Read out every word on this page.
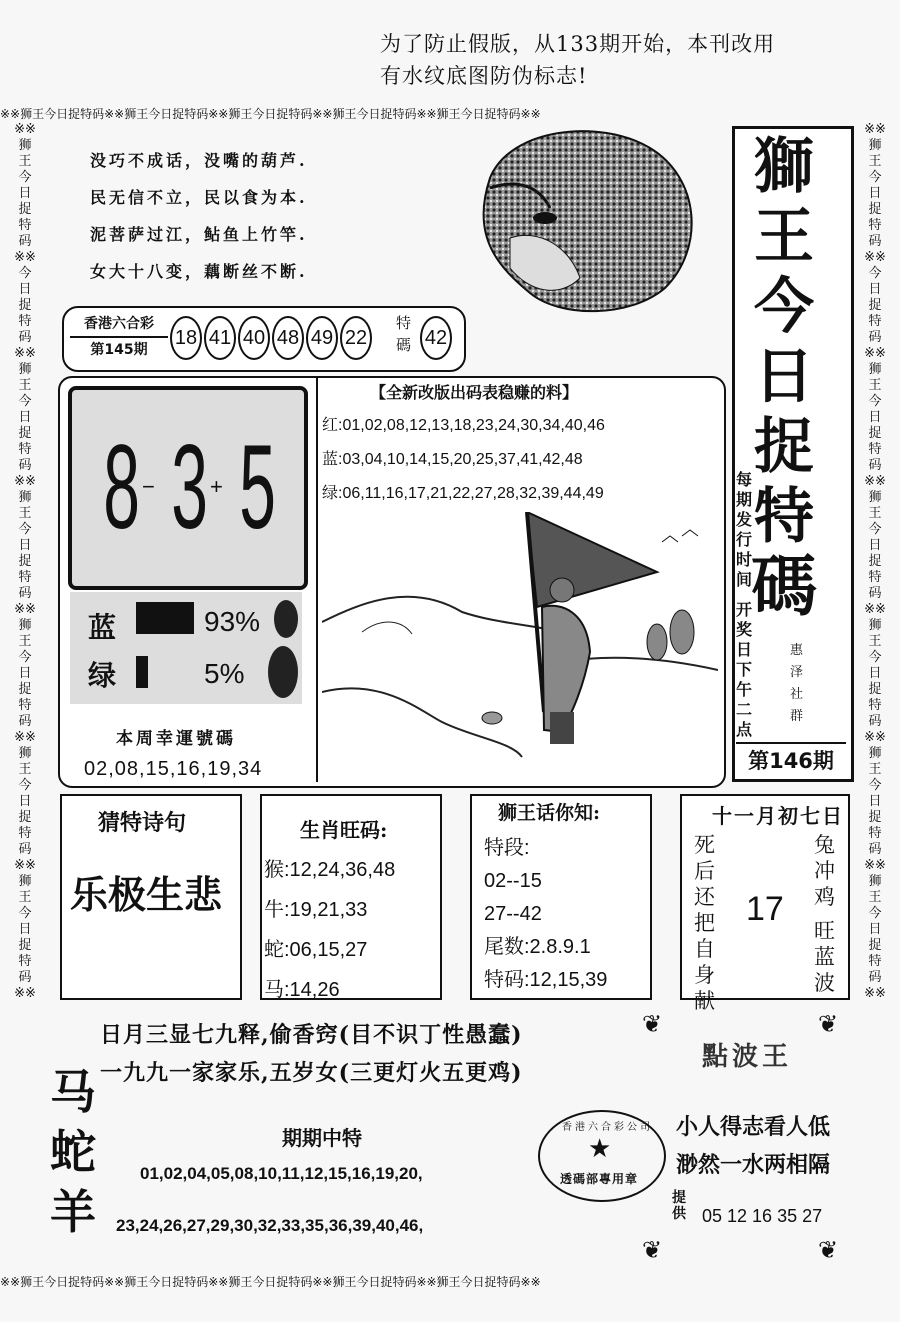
为了防止假版，从133期开始，本刊改用
有水纹底图防伪标志!
※※狮王今日捉特码※※狮王今日捉特码※※狮王今日捉特码※※狮王今日捉特码※※狮王今日捉特码※※
※※狮王今日捉特码※※狮王今日捉特码※※狮王今日捉特码※※狮王今日捉特码※※狮王今日捉特码※※
※※狮王今日捉特码※※今日捉特码※※狮王今日捉特码※※狮王今日捉特码※※狮王今日捉特码※※狮王今日捉特码※※狮王今日捉特码※※
※※狮王今日捉特码※※今日捉特码※※狮王今日捉特码※※狮王今日捉特码※※狮王今日捉特码※※狮王今日捉特码※※狮王今日捉特码※※
没巧不成话，没嘴的葫芦.
民无信不立，民以食为本.
泥菩萨过江，鲇鱼上竹竿.
女大十八变，藕断丝不断.
獅
王
今
日
捉
特
碼
每期发行时间
开奖日下午二点
惠泽社群
第146期
香港六合彩
第145期
18 41 40 48 49 22
特碼 42
8 − 3 + 5
蓝
绿
93%
5%
本周幸運號碼
02,08,15,16,19,34
【全新改版出码表稳赚的料】
红:01,02,08,12,13,18,23,24,30,34,40,46
蓝:03,04,10,14,15,20,25,37,41,42,48
绿:06,11,16,17,21,22,27,28,32,39,44,49
猜特诗句
乐极生悲
生肖旺码:
猴:12,24,36,48
牛:19,21,33
蛇:06,15,27
马:14,26
狮王话你知:
特段:
02--15
27--42
尾数:2.8.9.1
特码:12,15,39
十一月初七日
死后还把自身献
17
兔冲鸡
旺蓝波
日月三显七九释,偷香窍(目不识丁性愚蠢)
一九九一家家乐,五岁女(三更灯火五更鸡)
马
蛇
羊
期期中特
01,02,04,05,08,10,11,12,15,16,19,20,
23,24,26,27,29,30,32,33,35,36,39,40,46,
香港六合彩公司
★
透碼部專用章
❦	❦
❦	❦
點波王
小人得志看人低
渺然一水两相隔
提供 05 12 16 35 27
